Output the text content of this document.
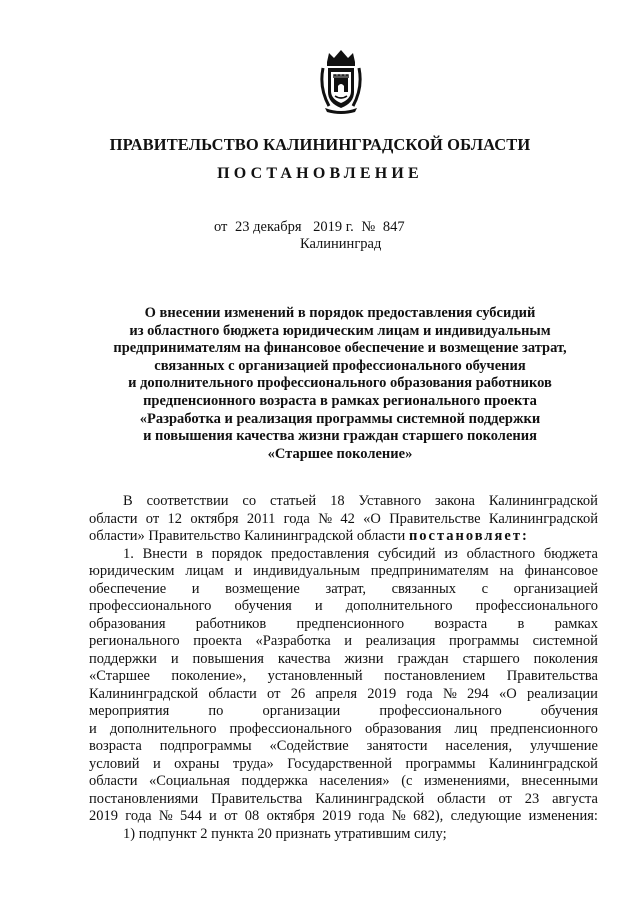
ПРАВИТЕЛЬСТВО КАЛИНИНГРАДСКОЙ ОБЛАСТИ
ПОСТАНОВЛЕНИЕ
от 23 декабря 2019 г. № 847
Калининград
О внесении изменений в порядок предоставления субсидий
из областного бюджета юридическим лицам и индивидуальным
предпринимателям на финансовое обеспечение и возмещение затрат,
связанных с организацией профессионального обучения
и дополнительного профессионального образования работников
предпенсионного возраста в рамках регионального проекта
«Разработка и реализация программы системной поддержки
и повышения качества жизни граждан старшего поколения
«Старшее поколение»
В соответствии со статьей 18 Уставного закона Калининградской
области от 12 октября 2011 года № 42 «О Правительстве Калининградской
области» Правительство Калининградской области
постановляет:
1. Внести в порядок предоставления субсидий из областного бюджета
юридическим лицам и индивидуальным предпринимателям на финансовое
обеспечение и возмещение затрат, связанных с организацией
профессионального обучения и дополнительного профессионального
образования работников предпенсионного возраста в рамках
регионального проекта «Разработка и реализация программы системной
поддержки и повышения качества жизни граждан старшего поколения
«Старшее поколение», установленный постановлением Правительства
Калининградской области от 26 апреля 2019 года № 294 «О реализации
мероприятия	по	организации	профессионального	обучения
и дополнительного профессионального образования лиц предпенсионного
возраста подпрограммы «Содействие занятости населения, улучшение
условий и охраны труда» Государственной программы Калининградской
области «Социальная поддержка населения» (с изменениями, внесенными
постановлениями Правительства Калининградской области от 23 августа
2019 года № 544 и от 08 октября 2019 года № 682), следующие изменения:
1) подпункт 2 пункта 20 признать утратившим силу;
